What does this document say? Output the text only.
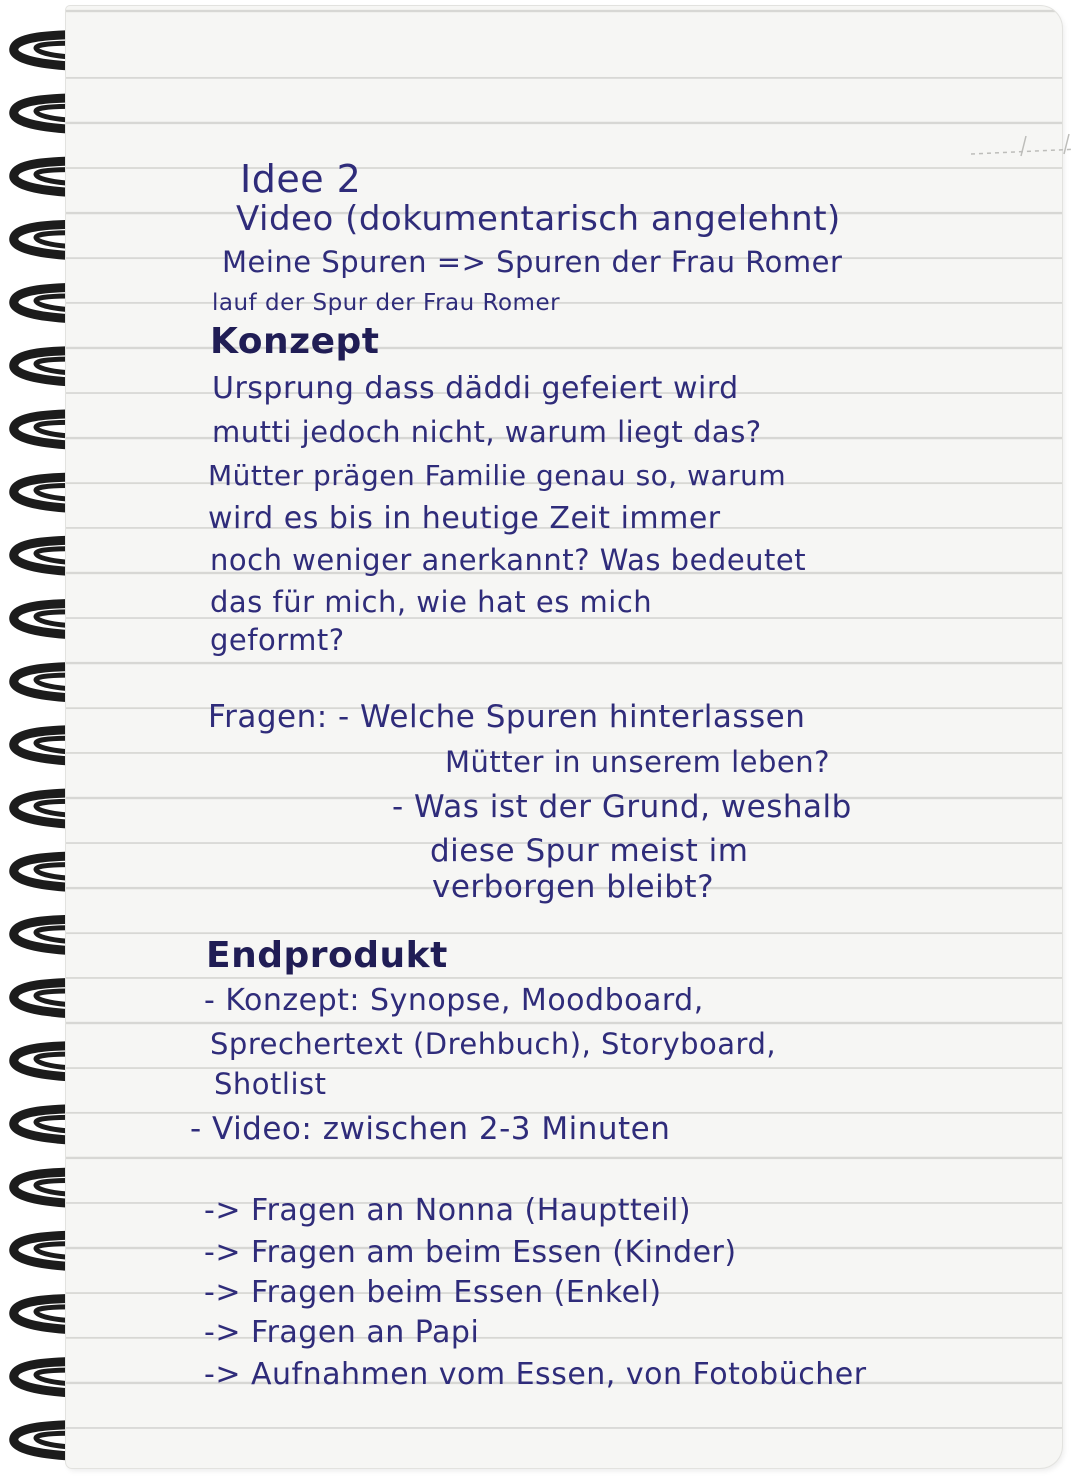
Idee 2
Video (dokumentarisch angelehnt)
Meine Spuren => Spuren der Frau Romer
lauf der Spur der Frau Romer
Konzept
Ursprung dass däddi gefeiert wird
mutti jedoch nicht, warum liegt das?
Mütter prägen Familie genau so, warum
wird es bis in heutige Zeit immer
noch weniger anerkannt? Was bedeutet
das für mich, wie hat es mich
geformt?
Fragen: - Welche Spuren hinterlassen
Mütter in unserem leben?
- Was ist der Grund, weshalb
diese Spur meist im
verborgen bleibt?
Endprodukt
- Konzept: Synopse, Moodboard,
Sprechertext (Drehbuch), Storyboard,
Shotlist
- Video: zwischen 2-3 Minuten
-> Fragen an Nonna (Hauptteil)
-> Fragen am beim Essen (Kinder)
-> Fragen beim Essen (Enkel)
-> Fragen an Papi
-> Aufnahmen vom Essen, von Fotobücher
